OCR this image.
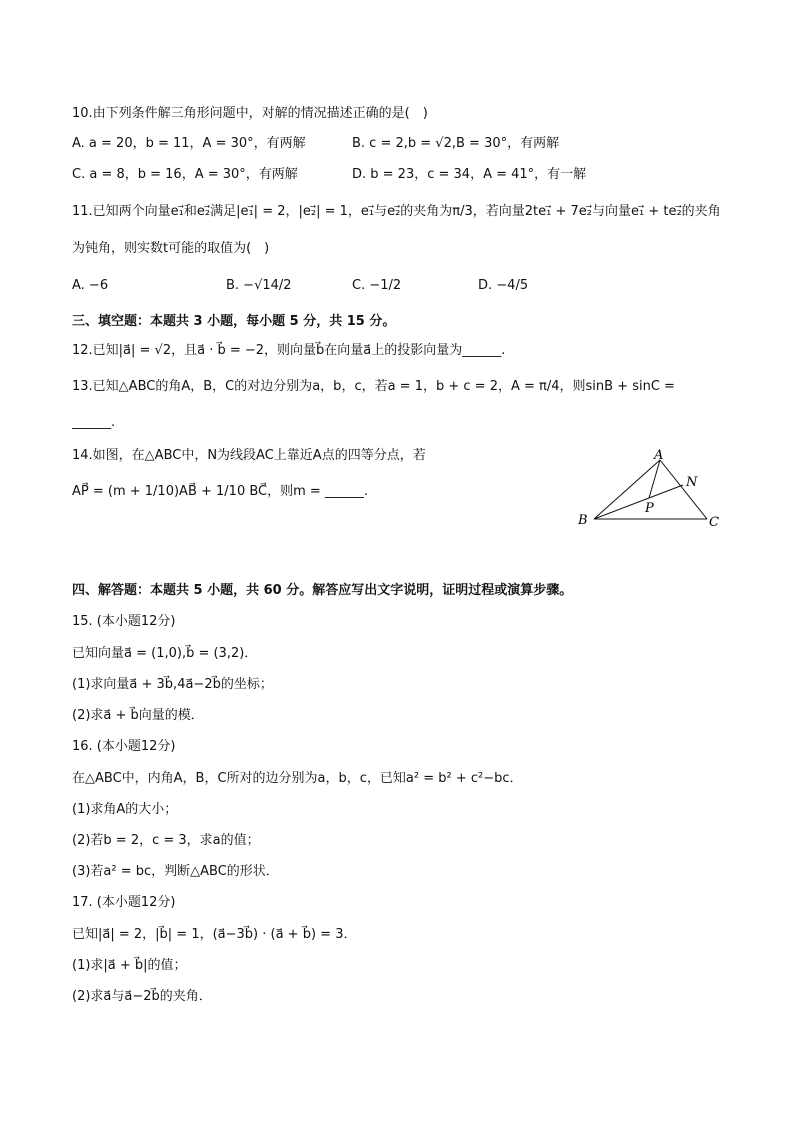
10.由下列条件解三角形问题中，对解的情况描述正确的是(　)
A. a = 20，b = 11，A = 30°，有两解	B. c = 2,b = √2,B = 30°，有两解
C. a = 8，b = 16，A = 30°，有两解	D. b = 23，c = 34，A = 41°，有一解
11.已知两个向量e₁⃗和e₂⃗满足|e₁⃗| = 2，|e₂⃗| = 1，e₁⃗与e₂⃗的夹角为π/3，若向量2te₁⃗ + 7e₂⃗与向量e₁⃗ + te₂⃗的夹角
为钝角，则实数t可能的取值为(　)
A. −6	B. −√14/2	C. −1/2	D. −4/5
三、填空题：本题共 3 小题，每小题 5 分，共 15 分。
12.已知|a⃗| = √2，且a⃗ · b⃗ = −2，则向量b⃗在向量a⃗上的投影向量为______.
13.已知△ABC的角A，B，C的对边分别为a，b，c，若a = 1，b + c = 2，A = π/4，则sinB + sinC =
______.
14.如图，在△ABC中，N为线段AC上靠近A点的四等分点，若
AP⃗ = (m + 1/10)AB⃗ + 1/10 BC⃗，则m = ______.
A
B	C
N
P
四、解答题：本题共 5 小题，共 60 分。解答应写出文字说明，证明过程或演算步骤。
15. (本小题12分)
已知向量a⃗ = (1,0),b⃗ = (3,2)．
(1)求向量a⃗ + 3b⃗,4a⃗−2b⃗的坐标；
(2)求a⃗ + b⃗向量的模．
16. (本小题12分)
在△ABC中，内角A，B，C所对的边分别为a，b，c，已知a² = b² + c²−bc．
(1)求角A的大小；
(2)若b = 2，c = 3，求a的值；
(3)若a² = bc，判断△ABC的形状．
17. (本小题12分)
已知|a⃗| = 2，|b⃗| = 1，(a⃗−3b⃗) · (a⃗ + b⃗) = 3．
(1)求|a⃗ + b⃗|的值；
(2)求a⃗与a⃗−2b⃗的夹角．
